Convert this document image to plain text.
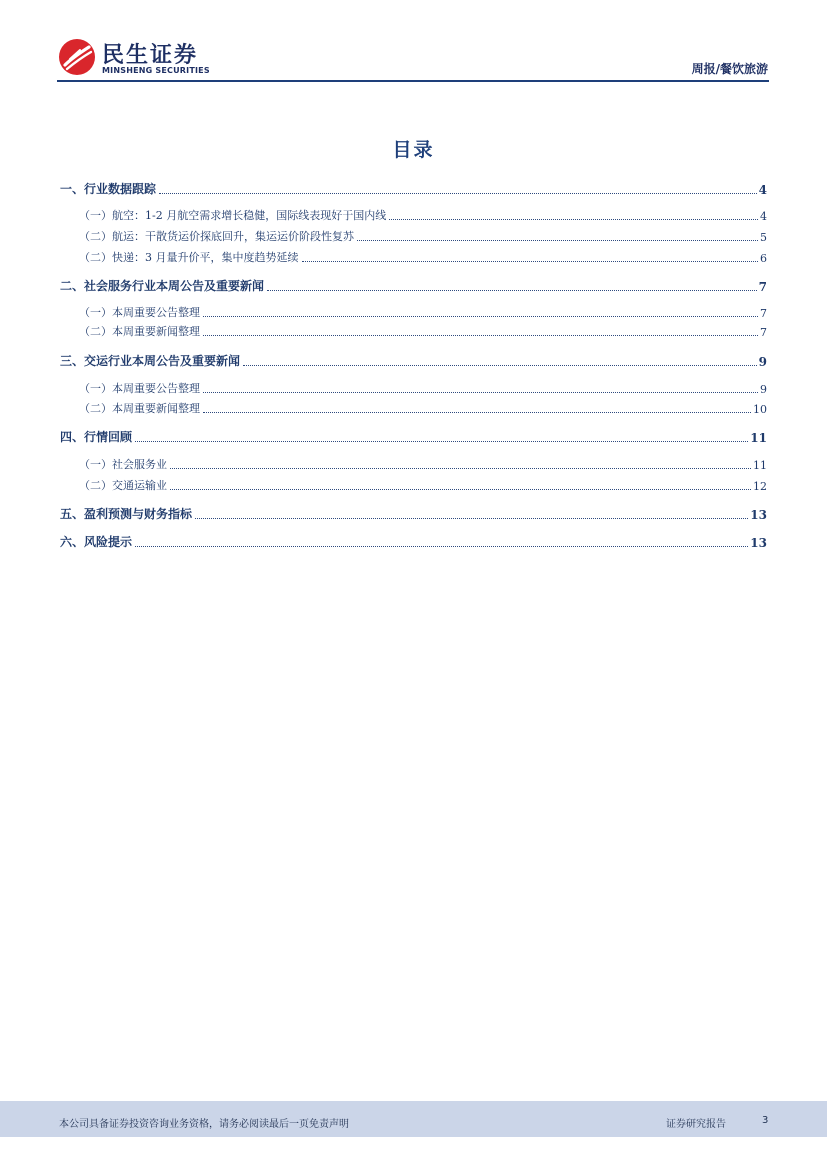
民生证券
MINSHENG SECURITIES	周报/餐饮旅游
目录
一、行业数据跟踪	4
（一）航空：1-2 月航空需求增长稳健，国际线表现好于国内线	4
（二）航运：干散货运价探底回升，集运运价阶段性复苏	5
（二）快递：3 月量升价平，集中度趋势延续	6
二、社会服务行业本周公告及重要新闻	7
（一）本周重要公告整理	7
（二）本周重要新闻整理	7
三、交运行业本周公告及重要新闻	9
（一）本周重要公告整理	9
（二）本周重要新闻整理	10
四、行情回顾	11
（一）社会服务业	11
（二）交通运输业	12
五、盈利预测与财务指标	13
六、风险提示	13
本公司具备证券投资咨询业务资格，请务必阅读最后一页免责声明	证券研究报告	3
